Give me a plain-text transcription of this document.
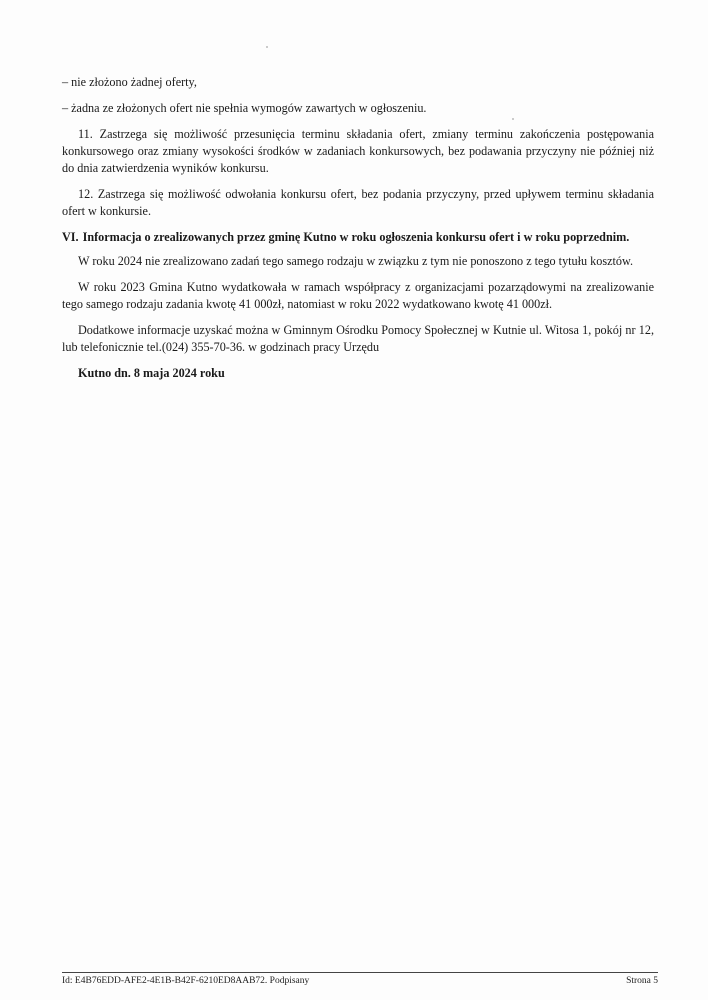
– nie złożono żadnej oferty,

– żadna ze złożonych ofert nie spełnia wymogów zawartych w ogłoszeniu.

11. Zastrzega się możliwość przesunięcia terminu składania ofert, zmiany terminu zakończenia postępowania konkursowego oraz zmiany wysokości środków w zadaniach konkursowych, bez podawania przyczyny nie później niż do dnia zatwierdzenia wyników konkursu.

12. Zastrzega się możliwość odwołania konkursu ofert, bez podania przyczyny, przed upływem terminu składania ofert w konkursie.

VI. Informacja o zrealizowanych przez gminę Kutno w roku ogłoszenia konkursu ofert i w roku poprzednim.

W roku 2024 nie zrealizowano zadań tego samego rodzaju w związku z tym nie ponoszono z tego tytułu kosztów.

W roku 2023 Gmina Kutno wydatkowała w ramach współpracy z organizacjami pozarządowymi na zrealizowanie tego samego rodzaju zadania kwotę 41 000zł, natomiast w roku 2022 wydatkowano kwotę 41 000zł.

Dodatkowe informacje uzyskać można w Gminnym Ośrodku Pomocy Społecznej w Kutnie ul. Witosa 1, pokój nr 12, lub telefonicznie tel.(024) 355-70-36. w godzinach pracy Urzędu

Kutno dn. 8 maja 2024 roku

Id: E4B76EDD-AFE2-4E1B-B42F-6210ED8AAB72. Podpisany	Strona 5
